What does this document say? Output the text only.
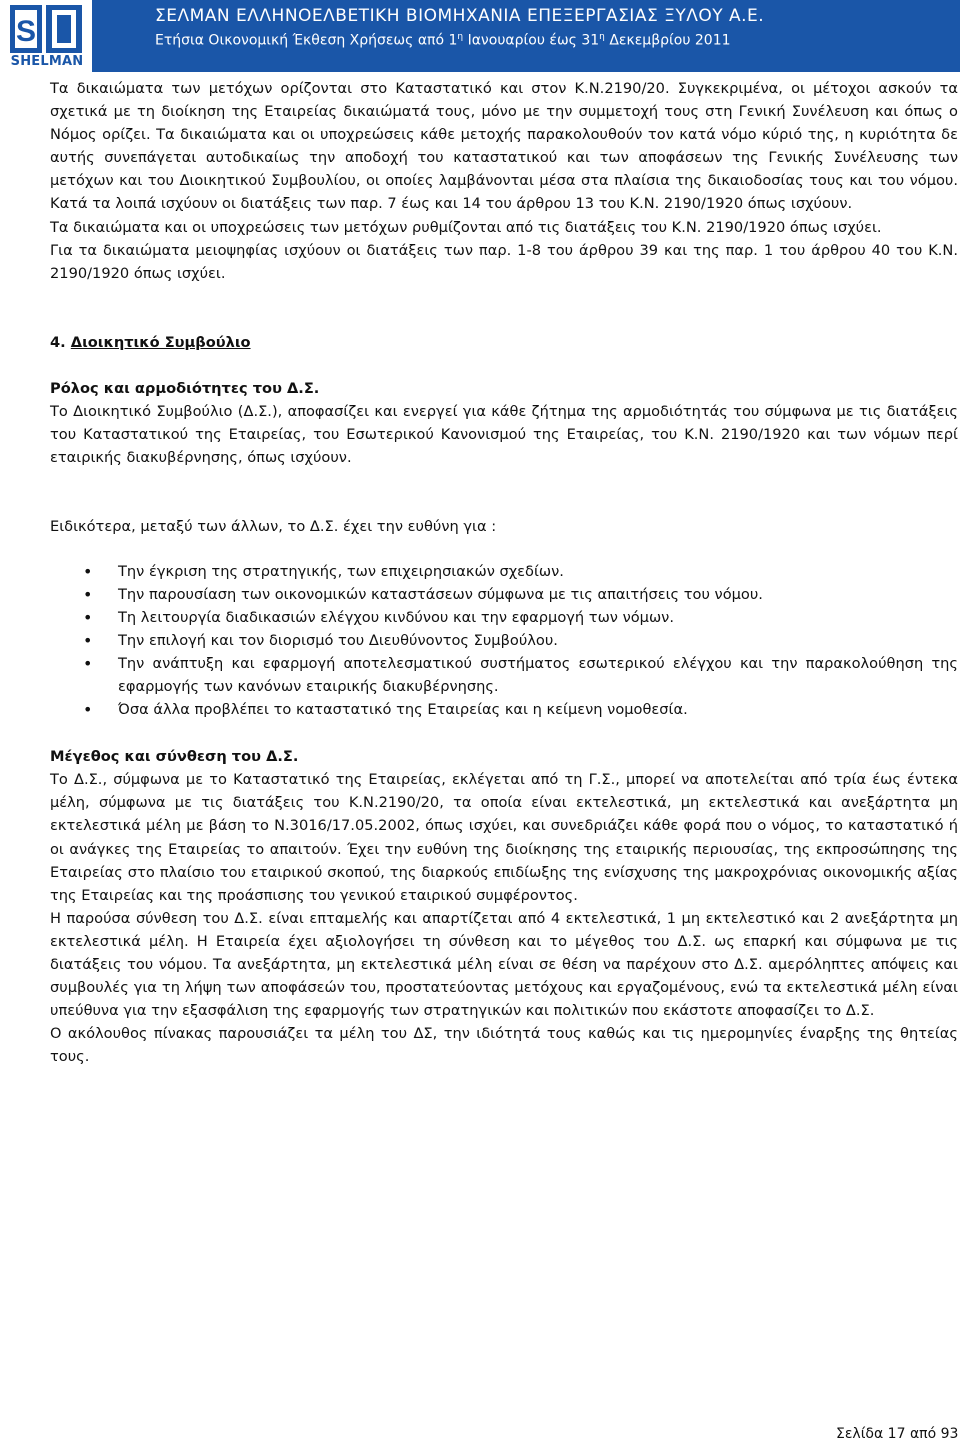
S
SHELMAN
ΣΕΛΜΑΝ ΕΛΛΗΝΟΕΛΒΕΤΙΚΗ ΒΙΟΜΗΧΑΝΙΑ ΕΠΕΞΕΡΓΑΣΙΑΣ ΞΥΛΟΥ Α.Ε.
Ετήσια Οικονομική Έκθεση Χρήσεως από $1^\eta$ Ιανουαρίου έως $31^\eta$ Δεκεμβρίου 2011

Τα δικαιώματα των μετόχων ορίζονται στο Καταστατικό και στον Κ.Ν.2190/20. Συγκεκριμένα, οι μέτοχοι ασκούν τα σχετικά με τη διοίκηση της Εταιρείας δικαιώματά τους, μόνο με την συμμετοχή τους στη Γενική Συνέλευση και όπως ο Νόμος ορίζει. Τα δικαιώματα και οι υποχρεώσεις κάθε μετοχής παρακολουθούν τον κατά νόμο κύριό της, η κυριότητα δε αυτής συνεπάγεται αυτοδικαίως την αποδοχή του καταστατικού και των αποφάσεων της Γενικής Συνέλευσης των μετόχων και του Διοικητικού Συμβουλίου, οι οποίες λαμβάνονται μέσα στα πλαίσια της δικαιοδοσίας τους και του νόμου. Κατά τα λοιπά ισχύουν οι διατάξεις των παρ. 7 έως και 14 του άρθρου 13 του Κ.Ν. 2190/1920 όπως ισχύουν.

Τα δικαιώματα και οι υποχρεώσεις των μετόχων ρυθμίζονται από τις διατάξεις του Κ.Ν. 2190/1920 όπως ισχύει.

Για τα δικαιώματα μειοψηφίας ισχύουν οι διατάξεις των παρ. 1-8 του άρθρου 39 και της παρ. 1 του άρθρου 40 του Κ.Ν. 2190/1920 όπως ισχύει.

4. Διοικητικό Συμβούλιο
Ρόλος και αρμοδιότητες του Δ.Σ.

Το Διοικητικό Συμβούλιο (Δ.Σ.), αποφασίζει και ενεργεί για κάθε ζήτημα της αρμοδιότητάς του σύμφωνα με τις διατάξεις του Καταστατικού της Εταιρείας, του Εσωτερικού Κανονισμού της Εταιρείας, του Κ.Ν. 2190/1920 και των νόμων περί εταιρικής διακυβέρνησης, όπως ισχύουν.

Ειδικότερα, μεταξύ των άλλων, το Δ.Σ. έχει την ευθύνη για :

• Την έγκριση της στρατηγικής, των επιχειρησιακών σχεδίων.
• Την παρουσίαση των οικονομικών καταστάσεων σύμφωνα με τις απαιτήσεις του νόμου.
• Τη λειτουργία διαδικασιών ελέγχου κινδύνου και την εφαρμογή των νόμων.
• Την επιλογή και τον διορισμό του Διευθύνοντος Συμβούλου.
• Την ανάπτυξη και εφαρμογή αποτελεσματικού συστήματος εσωτερικού ελέγχου και την παρακολούθηση της εφαρμογής των κανόνων εταιρικής διακυβέρνησης.
• Όσα άλλα προβλέπει το καταστατικό της Εταιρείας και η κείμενη νομοθεσία.
Μέγεθος και σύνθεση του Δ.Σ.

Το Δ.Σ., σύμφωνα με το Καταστατικό της Εταιρείας, εκλέγεται από τη Γ.Σ., μπορεί να αποτελείται από τρία έως έντεκα μέλη, σύμφωνα με τις διατάξεις του Κ.Ν.2190/20, τα οποία είναι εκτελεστικά, μη εκτελεστικά και ανεξάρτητα μη εκτελεστικά μέλη με βάση το Ν.3016/17.05.2002, όπως ισχύει, και συνεδριάζει κάθε φορά που ο νόμος, το καταστατικό ή οι ανάγκες της Εταιρείας το απαιτούν. Έχει την ευθύνη της διοίκησης της εταιρικής περιουσίας, της εκπροσώπησης της Εταιρείας στο πλαίσιο του εταιρικού σκοπού, της διαρκούς επιδίωξης της ενίσχυσης της μακροχρόνιας οικονομικής αξίας της Εταιρείας και της προάσπισης του γενικού εταιρικού συμφέροντος.

Η παρούσα σύνθεση του Δ.Σ. είναι επταμελής και απαρτίζεται από 4 εκτελεστικά, 1 μη εκτελεστικό και 2 ανεξάρτητα μη εκτελεστικά μέλη. Η Εταιρεία έχει αξιολογήσει τη σύνθεση και το μέγεθος του Δ.Σ. ως επαρκή και σύμφωνα με τις διατάξεις του νόμου. Τα ανεξάρτητα, μη εκτελεστικά μέλη είναι σε θέση να παρέχουν στο Δ.Σ. αμερόληπτες απόψεις και συμβουλές για τη λήψη των αποφάσεών του, προστατεύοντας μετόχους και εργαζομένους, ενώ τα εκτελεστικά μέλη είναι υπεύθυνα για την εξασφάλιση της εφαρμογής των στρατηγικών και πολιτικών που εκάστοτε αποφασίζει το Δ.Σ.

Ο ακόλουθος πίνακας παρουσιάζει τα μέλη του ΔΣ, την ιδιότητά τους καθώς και τις ημερομηνίες έναρξης της θητείας τους.

Σελίδα 17 από 93
